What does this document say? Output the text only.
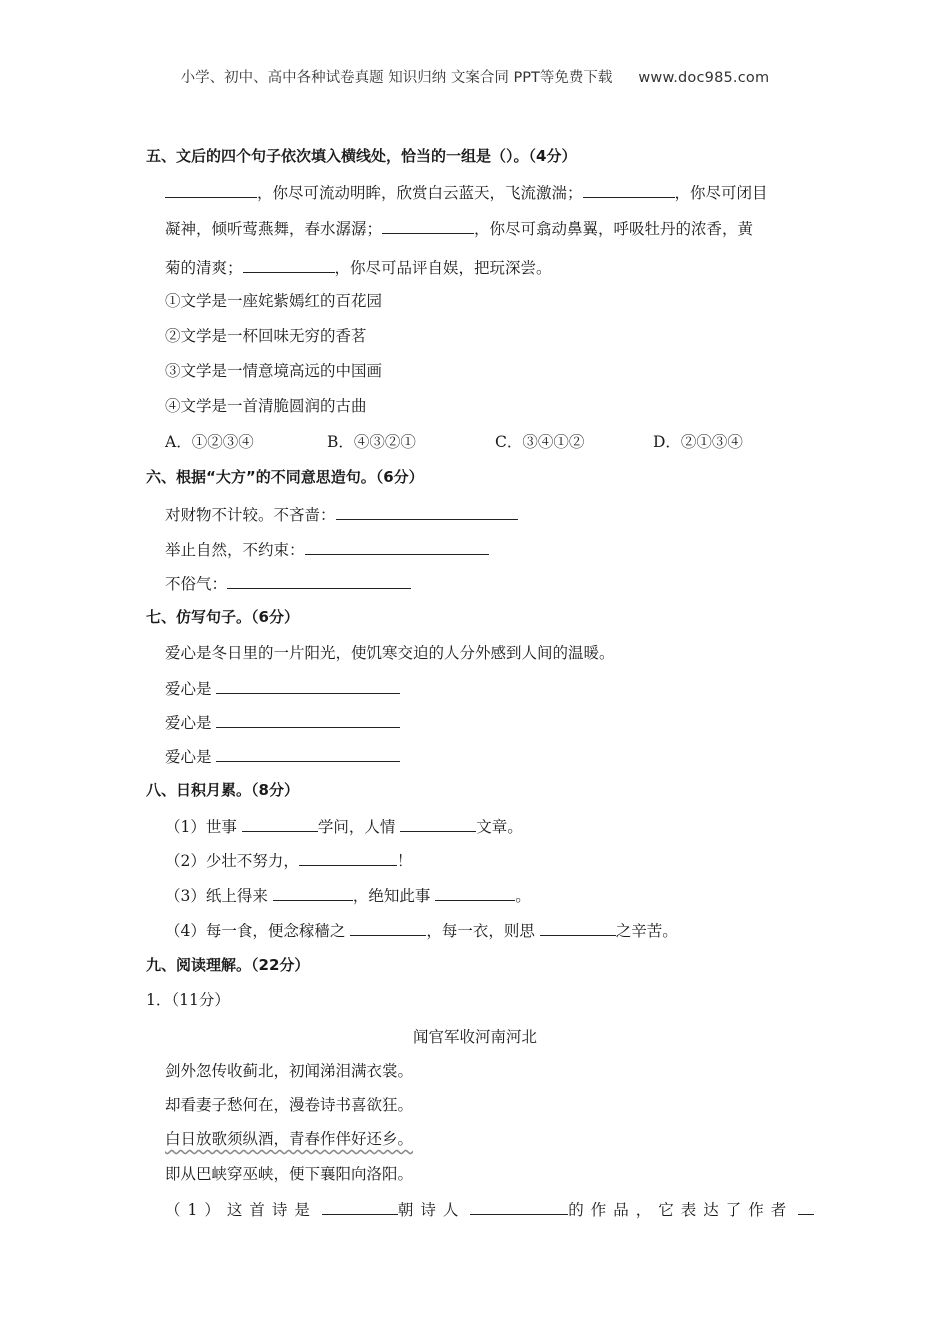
小学、初中、高中各种试卷真题 知识归纳 文案合同 PPT等免费下载 www.doc985.com
五、文后的四个句子依次填入横线处，恰当的一组是（）。（4分）
，你尽可流动明眸，欣赏白云蓝天，飞流激湍；	，你尽可闭目
凝神，倾听莺燕舞，春水潺潺；	，你尽可翕动鼻翼，呼吸牡丹的浓香，黄
菊的清爽；	，你尽可品评自娱，把玩深尝。
①文学是一座姹紫嫣红的百花园
②文学是一杯回味无穷的香茗
③文学是一情意境高远的中国画
④文学是一首清脆圆润的古曲
A．①②③④	B．④③②①	C．③④①②	D．②①③④
六、根据“大方”的不同意思造句。（6分）
对财物不计较。不吝啬：
举止自然，不约束：
不俗气：
七、仿写句子。（6分）
爱心是冬日里的一片阳光，使饥寒交迫的人分外感到人间的温暖。
爱心是
爱心是
爱心是
八、日积月累。（8分）
（1）世事	学问，人情	文章。
（2）少壮不努力，	！
（3）纸上得来	，绝知此事	。
（4）每一食，便念稼穑之	，每一衣，则思	之辛苦。
九、阅读理解。（22分）
1．（11分）
闻官军收河南河北
剑外忽传收蓟北，初闻涕泪满衣裳。
却看妻子愁何在，漫卷诗书喜欲狂。
白日放歌须纵酒，青春作伴好还乡。
即从巴峡穿巫峡，便下襄阳向洛阳。
（1）这首诗是	朝诗人	的作品，它表达了作者
